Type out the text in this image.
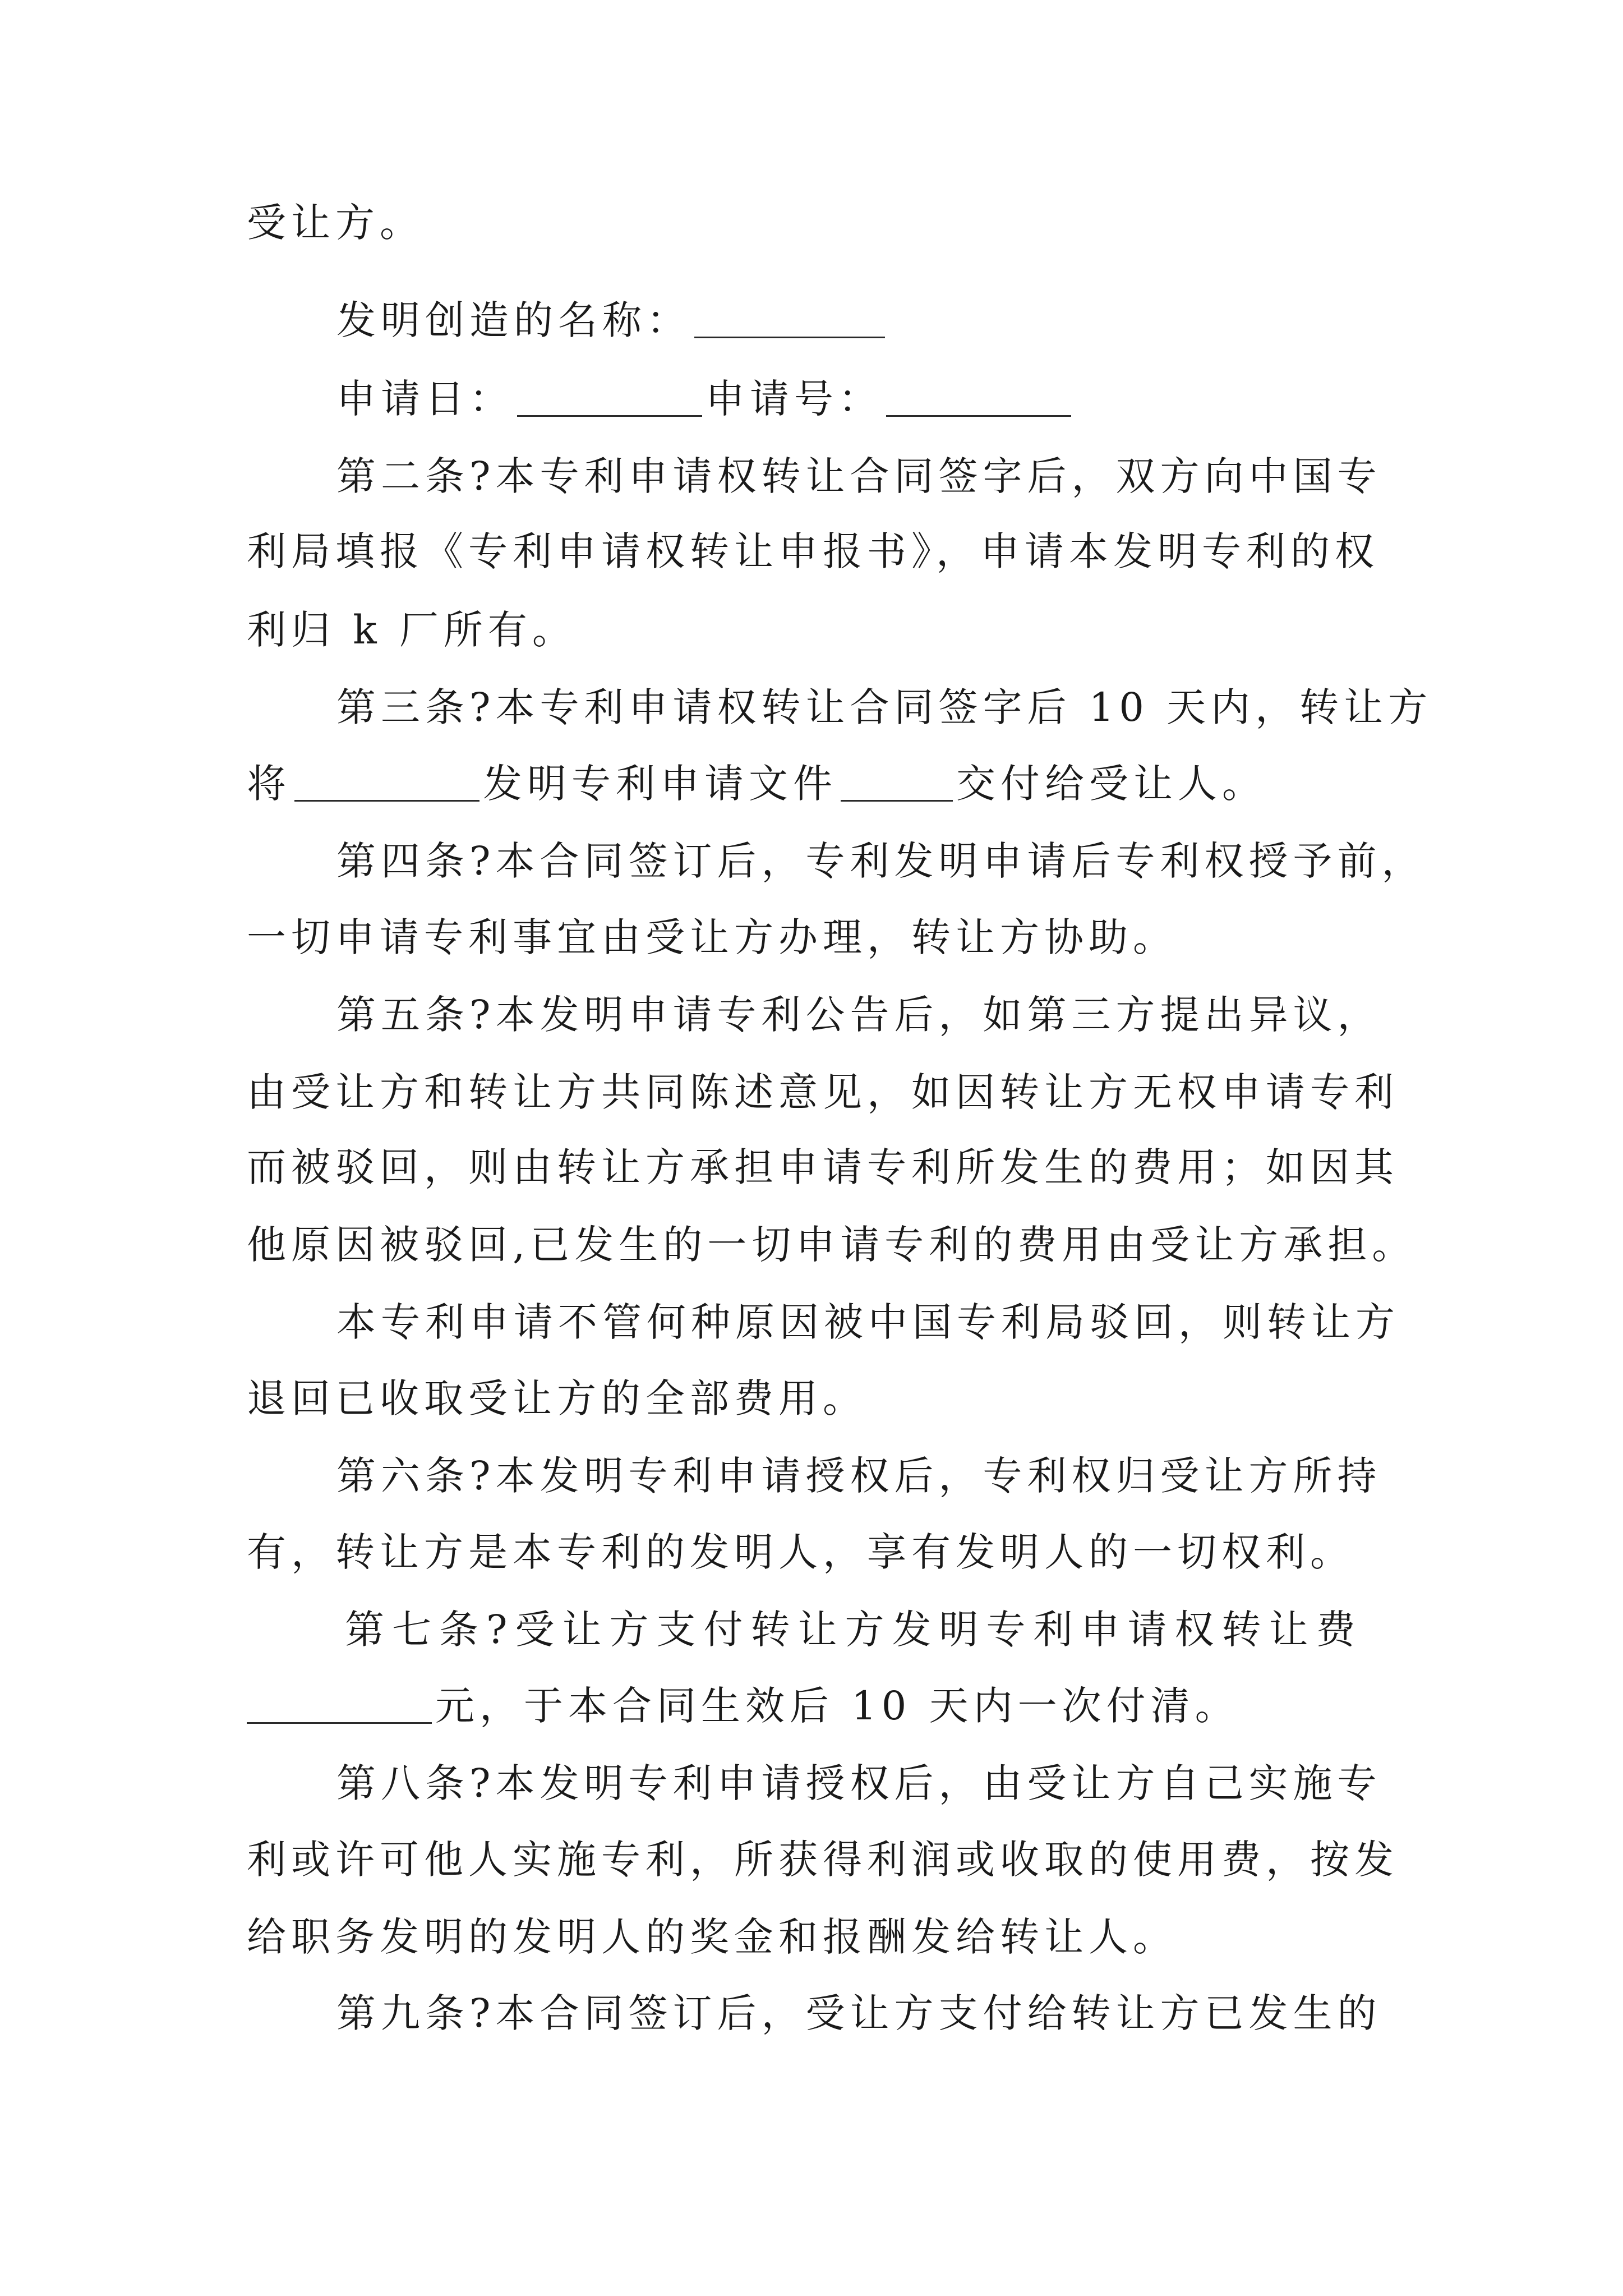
受让方。
发明创造的名称：
申请日：	申请号：
第二条?本专利申请权转让合同签字后，双方向中国专
利局填报《专利申请权转让申报书》，申请本发明专利的权
利归 k 厂所有。
第三条?本专利申请权转让合同签字后 10 天内，转让方
将	发明专利申请文件	交付给受让人。
第四条?本合同签订后，专利发明申请后专利权授予前，
一切申请专利事宜由受让方办理，转让方协助。
第五条?本发明申请专利公告后，如第三方提出异议，
由受让方和转让方共同陈述意见，如因转让方无权申请专利
而被驳回，则由转让方承担申请专利所发生的费用；如因其
他原因被驳回,已发生的一切申请专利的费用由受让方承担。
本专利申请不管何种原因被中国专利局驳回，则转让方
退回已收取受让方的全部费用。
第六条?本发明专利申请授权后，专利权归受让方所持
有，转让方是本专利的发明人，享有发明人的一切权利。
第七条?受让方支付转让方发明专利申请权转让费
元，于本合同生效后 10 天内一次付清。
第八条?本发明专利申请授权后，由受让方自己实施专
利或许可他人实施专利，所获得利润或收取的使用费，按发
给职务发明的发明人的奖金和报酬发给转让人。
第九条?本合同签订后，受让方支付给转让方已发生的
